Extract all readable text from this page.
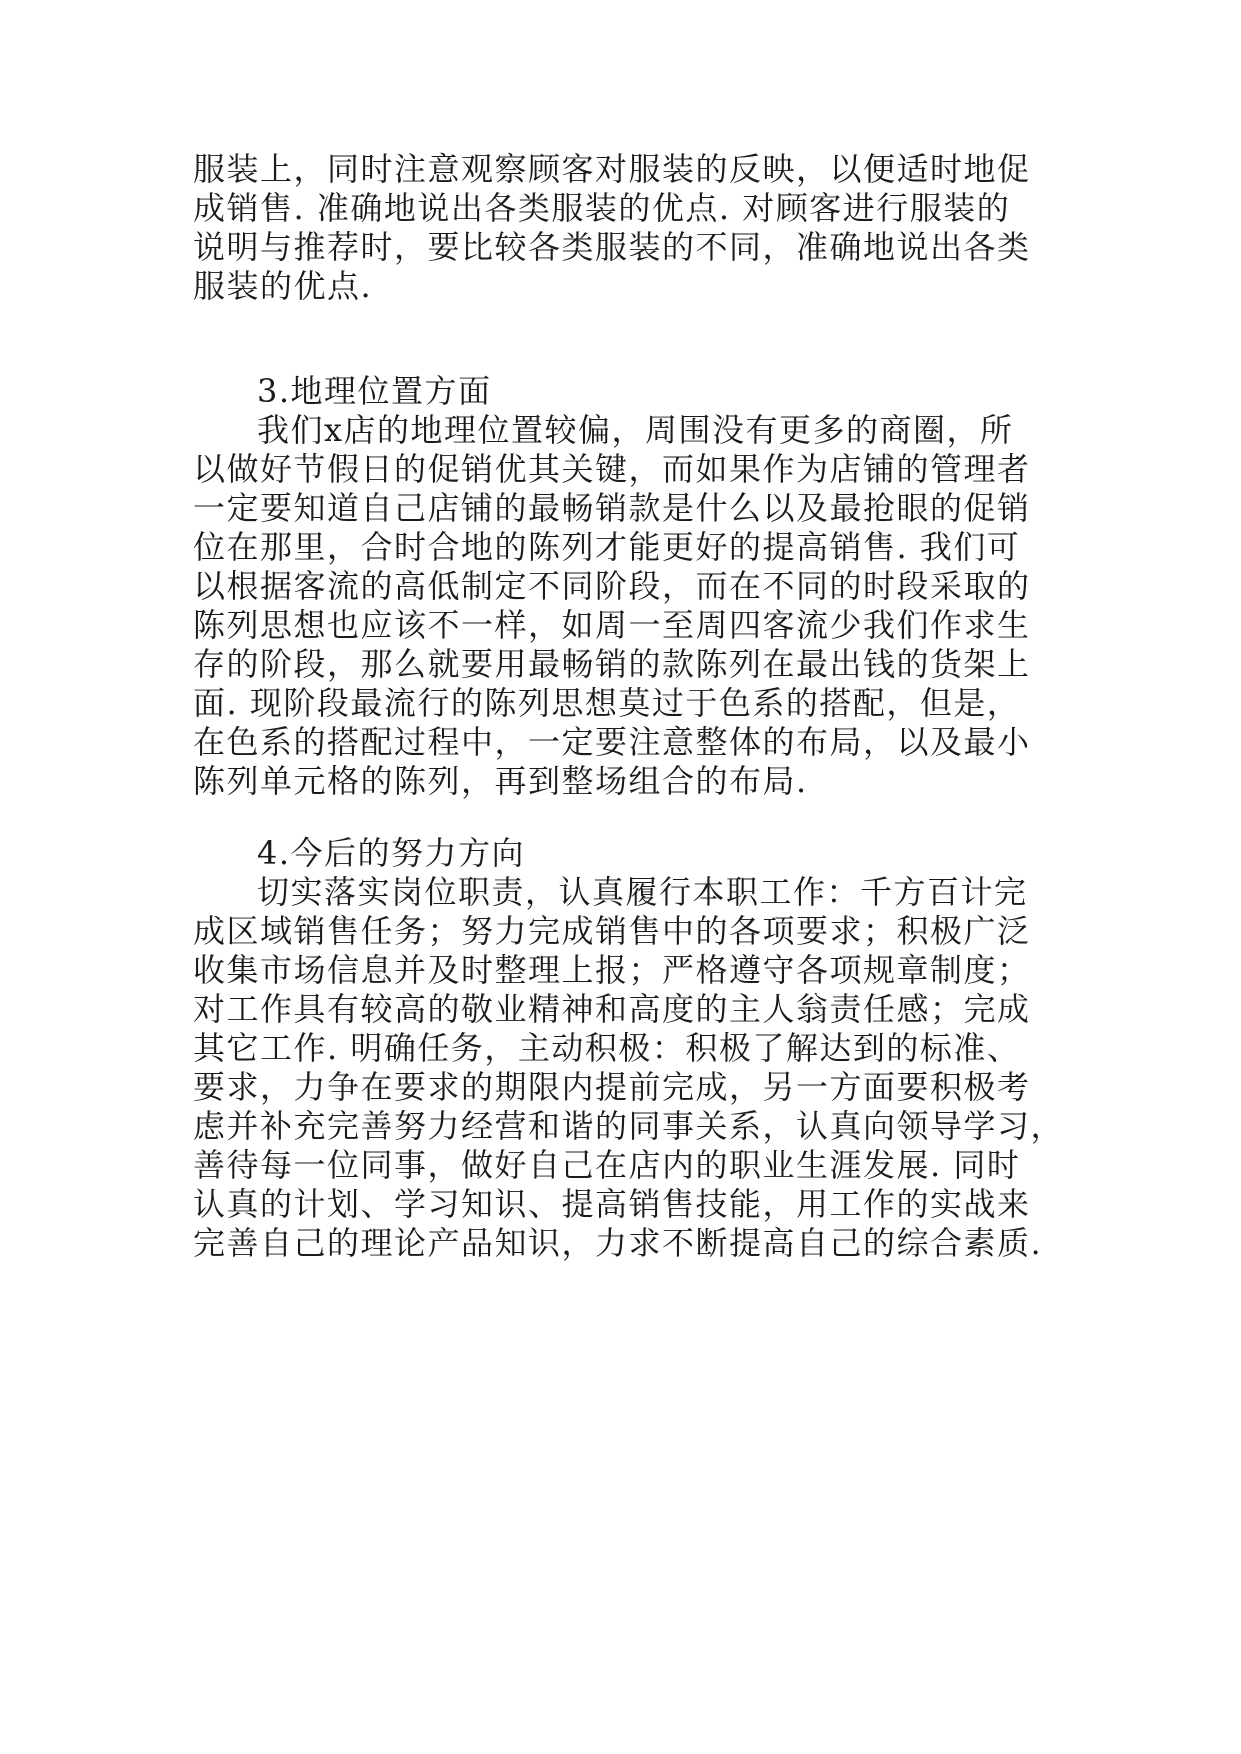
服装上，同时注意观察顾客对服装的反映，以便适时地促

成销售. 准确地说出各类服装的优点. 对顾客进行服装的

说明与推荐时，要比较各类服装的不同，准确地说出各类

服装的优点.

3.地理位置方面

我们x店的地理位置较偏，周围没有更多的商圈，所

以做好节假日的促销优其关键，而如果作为店铺的管理者

一定要知道自己店铺的最畅销款是什么以及最抢眼的促销

位在那里，合时合地的陈列才能更好的提高销售. 我们可

以根据客流的高低制定不同阶段，而在不同的时段采取的

陈列思想也应该不一样，如周一至周四客流少我们作求生

存的阶段，那么就要用最畅销的款陈列在最出钱的货架上

面. 现阶段最流行的陈列思想莫过于色系的搭配，但是，

在色系的搭配过程中，一定要注意整体的布局，以及最小

陈列单元格的陈列，再到整场组合的布局.

4.今后的努力方向

切实落实岗位职责，认真履行本职工作：千方百计完

成区域销售任务；努力完成销售中的各项要求；积极广泛

收集市场信息并及时整理上报；严格遵守各项规章制度；

对工作具有较高的敬业精神和高度的主人翁责任感；完成

其它工作. 明确任务，主动积极：积极了解达到的标准、

要求，力争在要求的期限内提前完成，另一方面要积极考

虑并补充完善努力经营和谐的同事关系，认真向领导学习，

善待每一位同事，做好自己在店内的职业生涯发展. 同时

认真的计划、学习知识、提高销售技能，用工作的实战来

完善自己的理论产品知识，力求不断提高自己的综合素质.
